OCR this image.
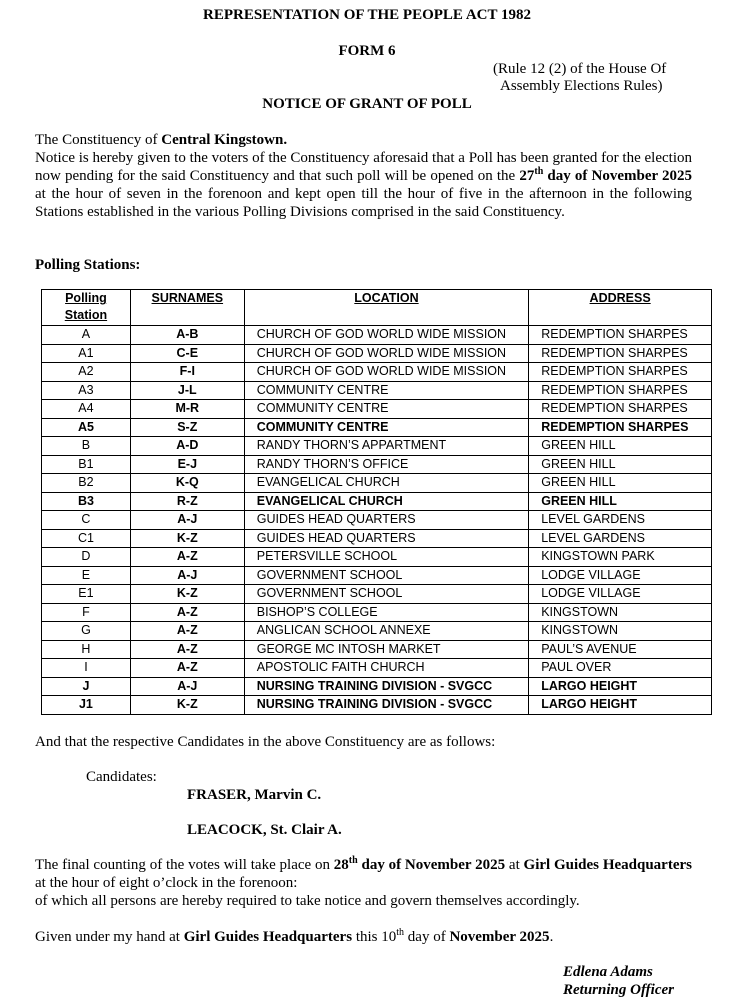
REPRESENTATION OF THE PEOPLE ACT 1982
FORM 6
(Rule 12 (2) of the House Of
Assembly Elections Rules)
NOTICE OF GRANT OF POLL
The Constituency of Central Kingstown.
Notice is hereby given to the voters of the Constituency aforesaid that a Poll has been granted for the election now pending for the said Constituency and that such poll will be opened on the 27th day of November 2025 at the hour of seven in the forenoon and kept open till the hour of five in the afternoon in the following Stations established in the various Polling Divisions comprised in the said Constituency.
Polling Stations:
Polling
Station	SURNAMES	LOCATION	ADDRESS
A	A-B	CHURCH OF GOD WORLD WIDE MISSION	REDEMPTION SHARPES
A1	C-E	CHURCH OF GOD WORLD WIDE MISSION	REDEMPTION SHARPES
A2	F-I	CHURCH OF GOD WORLD WIDE MISSION	REDEMPTION SHARPES
A3	J-L	COMMUNITY CENTRE	REDEMPTION SHARPES
A4	M-R	COMMUNITY CENTRE	REDEMPTION SHARPES
A5	S-Z	COMMUNITY CENTRE	REDEMPTION SHARPES
B	A-D	RANDY THORN’S APPARTMENT	GREEN HILL
B1	E-J	RANDY THORN’S OFFICE	GREEN HILL
B2	K-Q	EVANGELICAL CHURCH	GREEN HILL
B3	R-Z	EVANGELICAL CHURCH	GREEN HILL
C	A-J	GUIDES HEAD QUARTERS	LEVEL GARDENS
C1	K-Z	GUIDES HEAD QUARTERS	LEVEL GARDENS
D	A-Z	PETERSVILLE SCHOOL	KINGSTOWN PARK
E	A-J	GOVERNMENT SCHOOL	LODGE VILLAGE
E1	K-Z	GOVERNMENT SCHOOL	LODGE VILLAGE
F	A-Z	BISHOP’S COLLEGE	KINGSTOWN
G	A-Z	ANGLICAN SCHOOL ANNEXE	KINGSTOWN
H	A-Z	GEORGE MC INTOSH MARKET	PAUL’S AVENUE
I	A-Z	APOSTOLIC FAITH CHURCH	PAUL OVER
J	A-J	NURSING TRAINING DIVISION - SVGCC	LARGO HEIGHT
J1	K-Z	NURSING TRAINING DIVISION - SVGCC	LARGO HEIGHT
And that the respective Candidates in the above Constituency are as follows:
Candidates:
FRASER, Marvin C.
LEACOCK, St. Clair A.
The final counting of the votes will take place on 28th day of November 2025 at Girl Guides Headquarters at the hour of eight o’clock in the forenoon:
of which all persons are hereby required to take notice and govern themselves accordingly.
Given under my hand at Girl Guides Headquarters this 10th day of November 2025.
Edlena Adams
Returning Officer
